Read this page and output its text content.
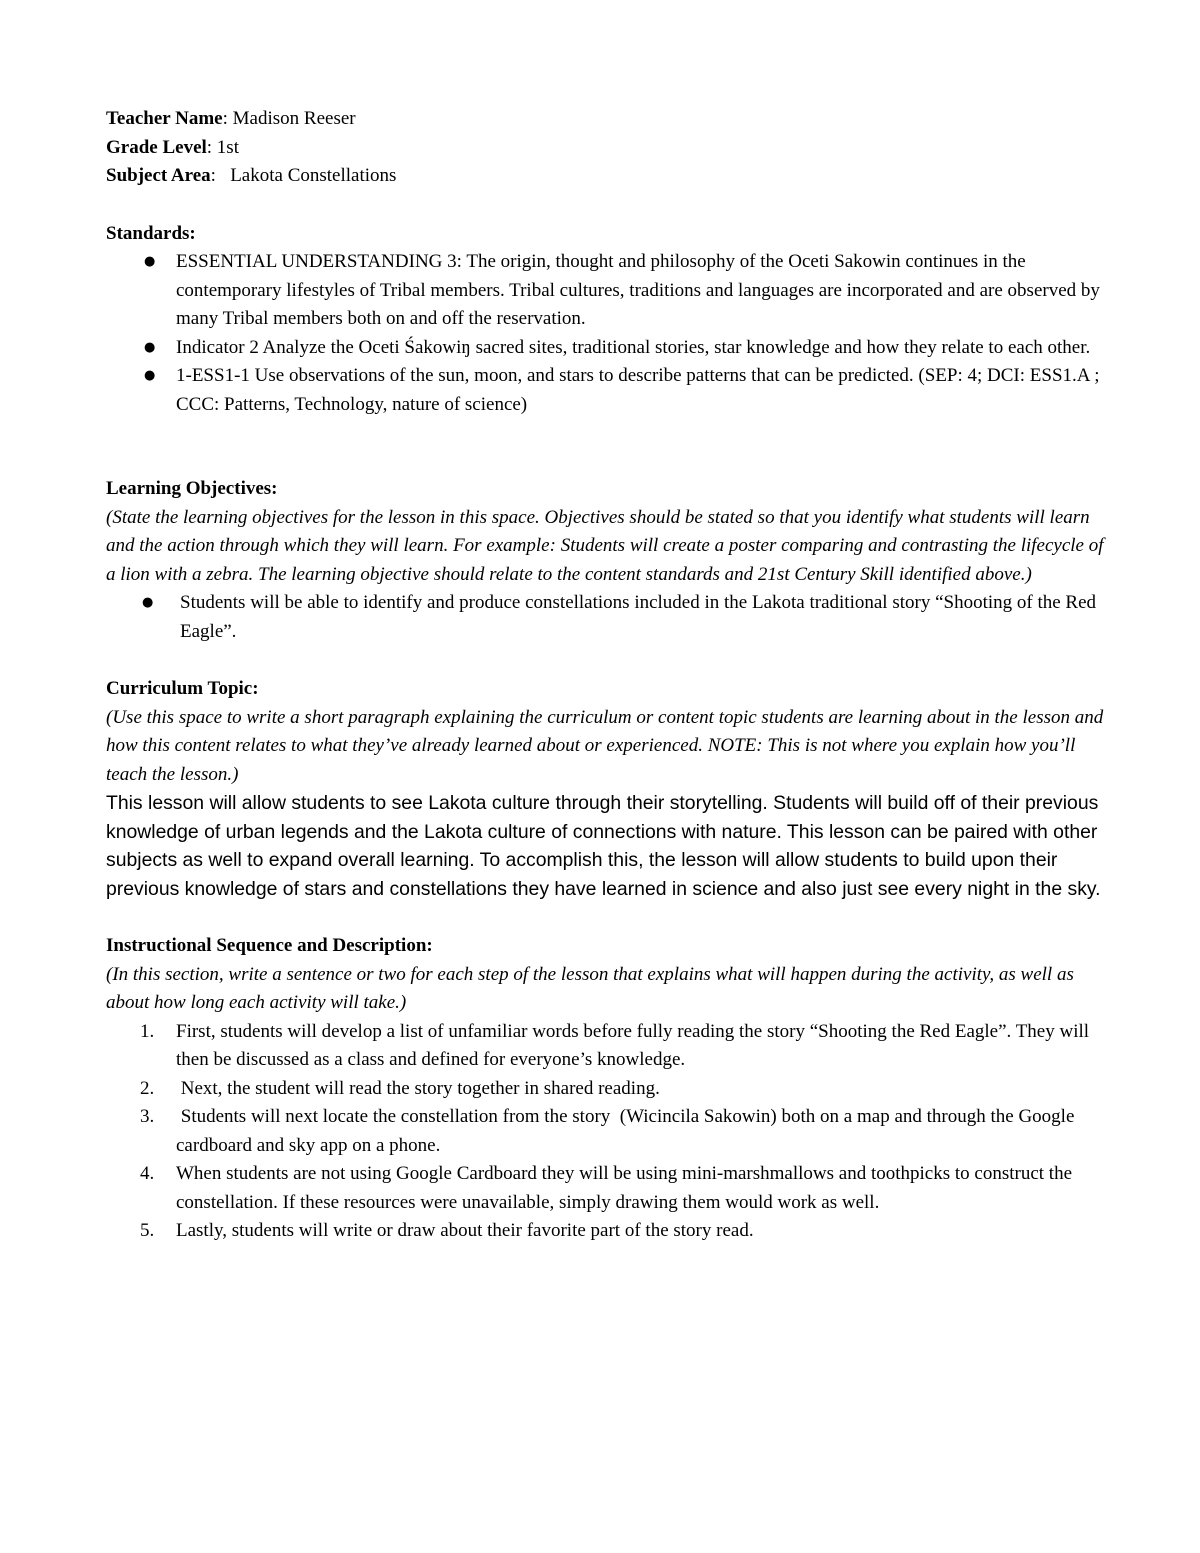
Teacher Name: Madison Reeser

Grade Level: 1st

Subject Area:   Lakota Constellations

Standards:

● ESSENTIAL UNDERSTANDING 3: The origin, thought and philosophy of the Oceti Sakowin continues in the contemporary lifestyles of Tribal members. Tribal cultures, traditions and languages are incorporated and are observed by many Tribal members both on and off the reservation.
● Indicator 2 Analyze the Oceti Śakowiŋ sacred sites, traditional stories, star knowledge and how they relate to each other.
● 1-ESS1-1 Use observations of the sun, moon, and stars to describe patterns that can be predicted. (SEP: 4; DCI: ESS1.A ; CCC: Patterns, Technology, nature of science)

Learning Objectives:

(State the learning objectives for the lesson in this space. Objectives should be stated so that you identify what students will learn and the action through which they will learn. For example: Students will create a poster comparing and contrasting the lifecycle of a lion with a zebra. The learning objective should relate to the content standards and 21st Century Skill identified above.)

● Students will be able to identify and produce constellations included in the Lakota traditional story “Shooting of the Red Eagle”.

Curriculum Topic:

(Use this space to write a short paragraph explaining the curriculum or content topic students are learning about in the lesson and how this content relates to what they’ve already learned about or experienced. NOTE: This is not where you explain how you’ll teach the lesson.)

This lesson will allow students to see Lakota culture through their storytelling. Students will build off of their previous knowledge of urban legends and the Lakota culture of connections with nature. This lesson can be paired with other subjects as well to expand overall learning. To accomplish this, the lesson will allow students to build upon their previous knowledge of stars and constellations they have learned in science and also just see every night in the sky.

Instructional Sequence and Description:

(In this section, write a sentence or two for each step of the lesson that explains what will happen during the activity, as well as about how long each activity will take.)

1. First, students will develop a list of unfamiliar words before fully reading the story “Shooting the Red Eagle”. They will then be discussed as a class and defined for everyone’s knowledge.
2. Next, the student will read the story together in shared reading.
3. Students will next locate the constellation from the story  (Wicincila Sakowin) both on a map and through the Google cardboard and sky app on a phone.
4. When students are not using Google Cardboard they will be using mini-marshmallows and toothpicks to construct the constellation. If these resources were unavailable, simply drawing them would work as well.
5. Lastly, students will write or draw about their favorite part of the story read.
